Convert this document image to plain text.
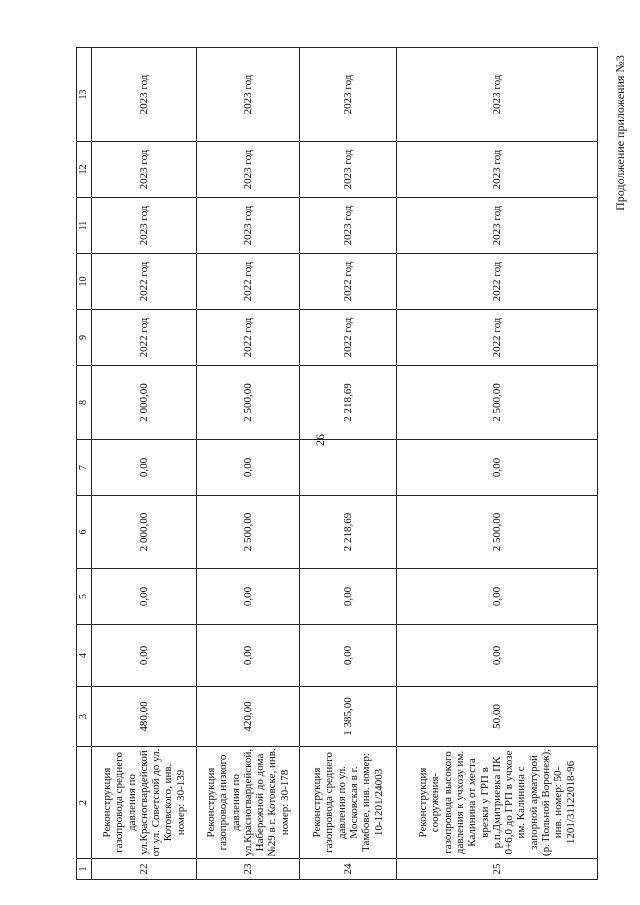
26
Продолжение приложения №3
1	2	3	4	5	6	7	8	9	10	11	12	13
22	Реконструкция газопровода среднего давления по ул.Красногвардейской от ул. Советской до ул. Котовского, инв. номер: 30-139	480,00	0,00	0,00	2 000,00	0,00	2 000,00	2022 год	2022 год	2023 год	2023 год	2023 год
23	Реконструкция газопровода низкого давления по ул.Красногвардейской, Набережной до дома №29 в г. Котовске, инв. номер: 30-178	420,00	0,00	0,00	2 500,00	0,00	2 500,00	2022 год	2022 год	2023 год	2023 год	2023 год
24	Реконструкция газопровода среднего давления по ул. Московская в г. Тамбове, инв. номер: 10-1201/24003	1 385,00	0,00	0,00	2 218,69		2 218,69	2022 год	2022 год	2023 год	2023 год	2023 год
25	Реконструкция сооружения- газопровода высокого давления к учхозу им. Калинина от места врезки у ГРП в р.п.Дмитриевка ПК 0+6,0 до ГРП в учхозе им. Калинина с запорной арматурой (р. Польной Воронеж), инв. номер: 50-1201/31122018-96	50,00	0,00	0,00	2 500,00	0,00	2 500,00	2022 год	2022 год	2023 год	2023 год	2023 год
